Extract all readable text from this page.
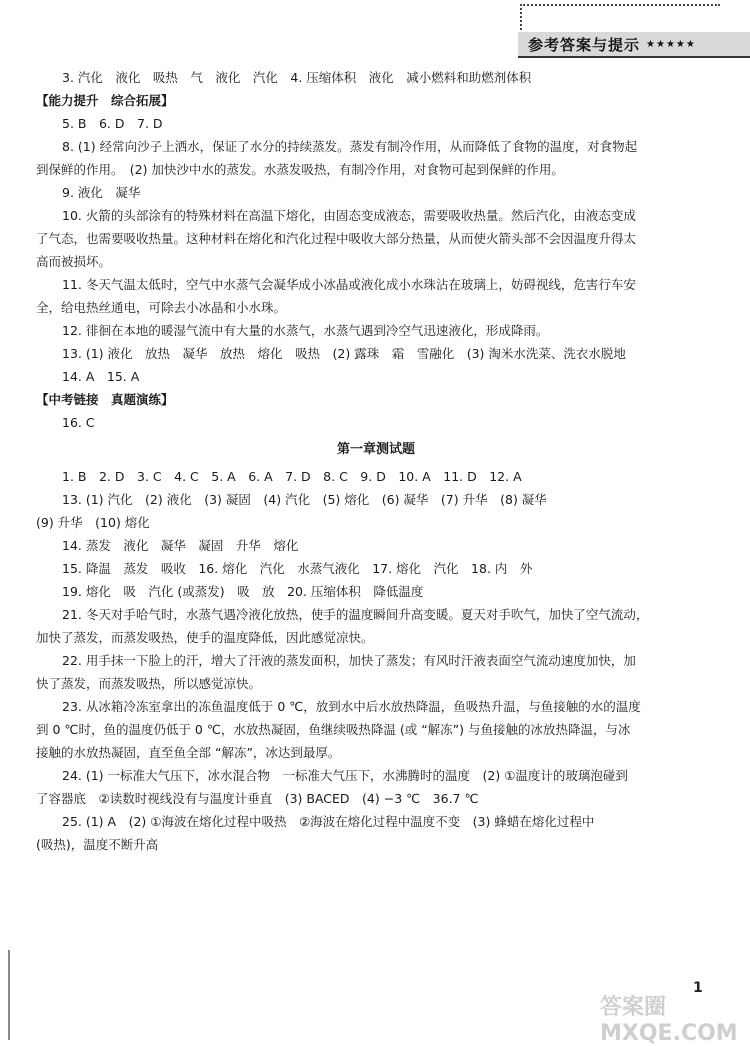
参考答案与提示 ★★★★★
3. 汽化　液化　吸热　气　液化　汽化　4. 压缩体积　液化　减小燃料和助燃剂体积
【能力提升　综合拓展】
5. B　6. D　7. D
8. (1) 经常向沙子上洒水，保证了水分的持续蒸发。蒸发有制冷作用，从而降低了食物的温度，对食物起
到保鲜的作用。　(2) 加快沙中水的蒸发。水蒸发吸热，有制冷作用，对食物可起到保鲜的作用。
9. 液化　凝华
10. 火箭的头部涂有的特殊材料在高温下熔化，由固态变成液态，需要吸收热量。然后汽化，由液态变成
了气态，也需要吸收热量。这种材料在熔化和汽化过程中吸收大部分热量，从而使火箭头部不会因温度升得太
高而被损坏。
11. 冬天气温太低时，空气中水蒸气会凝华成小冰晶或液化成小水珠沾在玻璃上，妨碍视线，危害行车安
全，给电热丝通电，可除去小冰晶和小水珠。
12. 徘徊在本地的暖湿气流中有大量的水蒸气，水蒸气遇到冷空气迅速液化，形成降雨。
13. (1) 液化　放热　凝华　放热　熔化　吸热　(2) 露珠　霜　雪融化　(3) 淘米水洗菜、洗衣水脱地
14. A　15. A
【中考链接　真题演练】
16. C
第一章测试题
1. B　2. D　3. C　4. C　5. A　6. A　7. D　8. C　9. D　10. A　11. D　12. A
13. (1) 汽化　(2) 液化　(3) 凝固　(4) 汽化　(5) 熔化　(6) 凝华　(7) 升华　(8) 凝华
(9) 升华　(10) 熔化
14. 蒸发　液化　凝华　凝固　升华　熔化
15. 降温　蒸发　吸收　16. 熔化　汽化　水蒸气液化　17. 熔化　汽化　18. 内　外
19. 熔化　吸　汽化 (或蒸发)　吸　放　20. 压缩体积　降低温度
21. 冬天对手哈气时，水蒸气遇冷液化放热，使手的温度瞬间升高变暖。夏天对手吹气，加快了空气流动，
加快了蒸发，而蒸发吸热，使手的温度降低，因此感觉凉快。
22. 用手抹一下脸上的汗，增大了汗液的蒸发面积，加快了蒸发；有风时汗液表面空气流动速度加快，加
快了蒸发，而蒸发吸热，所以感觉凉快。
23. 从冰箱冷冻室拿出的冻鱼温度低于 0 ℃，放到水中后水放热降温，鱼吸热升温，与鱼接触的水的温度
到 0 ℃时，鱼的温度仍低于 0 ℃，水放热凝固，鱼继续吸热降温 (或 “解冻”) 与鱼接触的冰放热降温，与冰
接触的水放热凝固，直至鱼全部 “解冻”，冰达到最厚。
24. (1) 一标准大气压下，冰水混合物　一标准大气压下，水沸腾时的温度　(2) ①温度计的玻璃泡碰到
了容器底　②读数时视线没有与温度计垂直　(3) BACED　(4) −3 ℃　36.7 ℃
25. (1) A　(2) ①海波在熔化过程中吸热　②海波在熔化过程中温度不变　(3) 蜂蜡在熔化过程中
(吸热)，温度不断升高
1
答案圈 MXQE.COM
